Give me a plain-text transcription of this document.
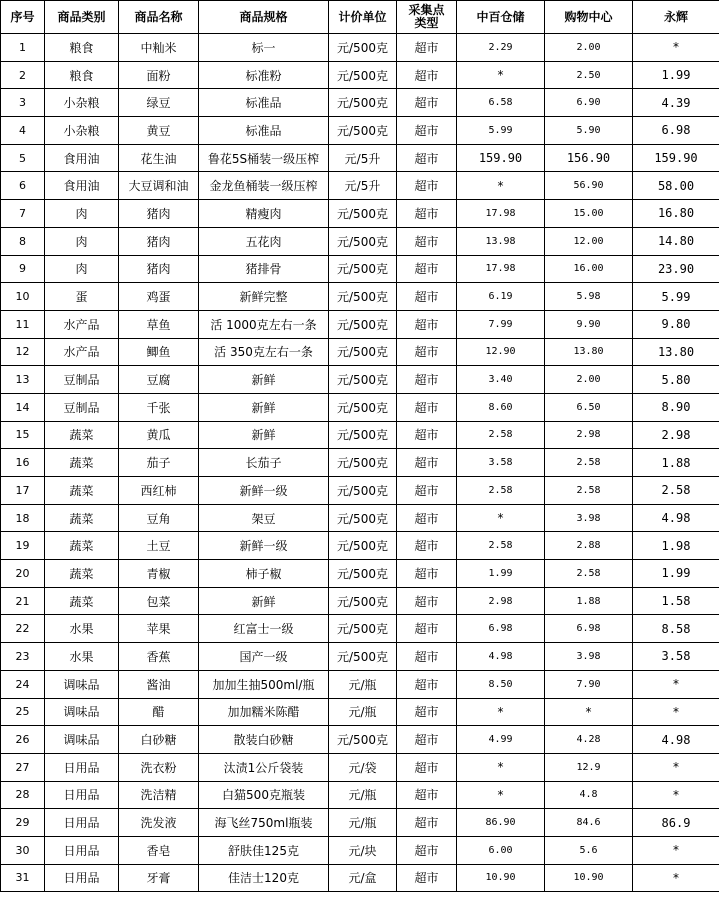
序号	商品类别	商品名称	商品规格	计价单位	采集点类型	中百仓储	购物中心	永辉
1	粮食	中籼米	标一	元/500克	超市	2.29	2.00	*
2	粮食	面粉	标准粉	元/500克	超市	*	2.50	1.99
3	小杂粮	绿豆	标准品	元/500克	超市	6.58	6.90	4.39
4	小杂粮	黄豆	标准品	元/500克	超市	5.99	5.90	6.98
5	食用油	花生油	鲁花5S桶装一级压榨	元/5升	超市	159.90	156.90	159.90
6	食用油	大豆调和油	金龙鱼桶装一级压榨	元/5升	超市	*	56.90	58.00
7	肉	猪肉	精瘦肉	元/500克	超市	17.98	15.00	16.80
8	肉	猪肉	五花肉	元/500克	超市	13.98	12.00	14.80
9	肉	猪肉	猪排骨	元/500克	超市	17.98	16.00	23.90
10	蛋	鸡蛋	新鲜完整	元/500克	超市	6.19	5.98	5.99
11	水产品	草鱼	活 1000克左右一条	元/500克	超市	7.99	9.90	9.80
12	水产品	鲫鱼	活 350克左右一条	元/500克	超市	12.90	13.80	13.80
13	豆制品	豆腐	新鲜	元/500克	超市	3.40	2.00	5.80
14	豆制品	千张	新鲜	元/500克	超市	8.60	6.50	8.90
15	蔬菜	黄瓜	新鲜	元/500克	超市	2.58	2.98	2.98
16	蔬菜	茄子	长茄子	元/500克	超市	3.58	2.58	1.88
17	蔬菜	西红柿	新鲜一级	元/500克	超市	2.58	2.58	2.58
18	蔬菜	豆角	架豆	元/500克	超市	*	3.98	4.98
19	蔬菜	土豆	新鲜一级	元/500克	超市	2.58	2.88	1.98
20	蔬菜	青椒	柿子椒	元/500克	超市	1.99	2.58	1.99
21	蔬菜	包菜	新鲜	元/500克	超市	2.98	1.88	1.58
22	水果	苹果	红富士一级	元/500克	超市	6.98	6.98	8.58
23	水果	香蕉	国产一级	元/500克	超市	4.98	3.98	3.58
24	调味品	酱油	加加生抽500ml/瓶	元/瓶	超市	8.50	7.90	*
25	调味品	醋	加加糯米陈醋	元/瓶	超市	*	*	*
26	调味品	白砂糖	散装白砂糖	元/500克	超市	4.99	4.28	4.98
27	日用品	洗衣粉	汰渍1公斤袋装	元/袋	超市	*	12.9	*
28	日用品	洗洁精	白猫500克瓶装	元/瓶	超市	*	4.8	*
29	日用品	洗发液	海飞丝750ml瓶装	元/瓶	超市	86.90	84.6	86.9
30	日用品	香皂	舒肤佳125克	元/块	超市	6.00	5.6	*
31	日用品	牙膏	佳洁士120克	元/盒	超市	10.90	10.90	*
